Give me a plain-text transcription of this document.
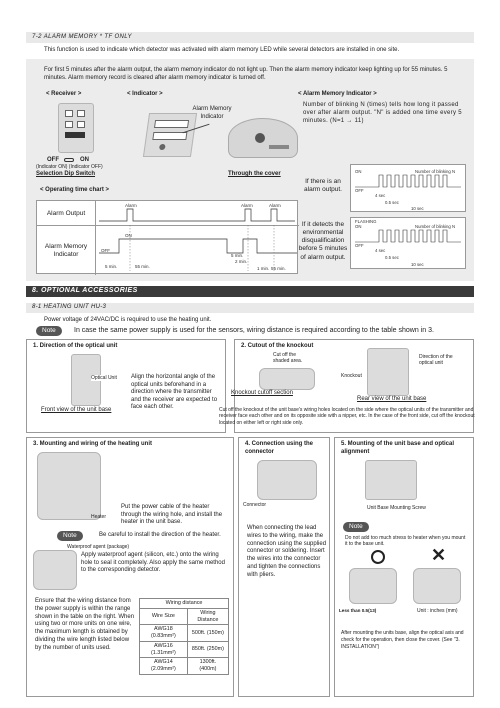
7-2 ALARM MEMORY * TF ONLY
This function is used to indicate which detector was activated with alarm memory LED while several detectors are installed in one site.
For first 5 minutes after the alarm output, the alarm memory indicator do not light up. Then the alarm memory indicator keep lighting up for 55 minutes. 5 minutes. Alarm memory record is cleared after alarm memory indicator is turned off.
< Receiver >	< Indicator >	< Alarm Memory Indicator >
OFF	ON
(Indicator ON) (Indicator OFF)
Selection Dip Switch
Alarm Memory Indicator
Through the cover
Number of blinking N (times) tells how long it passed over after alarm output. "N" is added one time every 5 minutes. (N=1 → 11)
< Operating time chart >
Alarm Output
Alarm Memory Indicator
Alarm	Alarm	Alarm
ON
OFF
5 min.	55 min.
5 min.
2 min.
1 min. 55 min.
If there is an alarm output.
ON
OFF
Number of blinking N
4 sec
0.5 sec
10 sec
If it detects the environmental disqualification before 5 minutes of alarm output.
FLASHING
ON
OFF
Number of blinking N
4 sec
0.5 sec
10 sec
8. OPTIONAL ACCESSORIES
8-1 HEATING UNIT HU-3
Power voltage of 24VAC/DC is required to use the heating unit.
Note	In case the same power supply is used for the sensors, wiring distance is required according to the table shown in 3.
1. Direction of the optical unit
Optical Unit Align the horizontal angle of the optical units beforehand in a direction where the transmitter and the receiver are expected to face each other.
Front view of the unit base
2. Cutout of the knockout
Cut off the shaded area.
Knockout cutoff section
Knockout
Direction of the optical unit
Rear view of the unit base
Cut off the knockout of the unit base's wiring holes located on the side where the optical units of the transmitter and receiver face each other and on its opposite side with a nipper, etc. In the case of the front side, cut off the knockout located on either left or right side only.
3. Mounting and wiring of the heating unit
Heater
Put the power cable of the heater through the wiring hole, and install the heater in the unit base.
Note	Be careful to install the direction of the heater.
Waterproof agent (package)
Apply waterproof agent (silicon, etc.) onto the wiring hole to seal it completely. Also apply the same method to the corresponding detector.
Ensure that the wiring distance from the power supply is within the range shown in the table on the right. When using two or more units on one wire, the maximum length is obtained by dividing the wire length listed below by the number of units used.
Wiring distance	
Wire Size	Wiring Distance
AWG18 (0.83mm²)	500ft. (150m)
AWG16 (1.31mm²)	850ft. (250m)
AWG14 (2.09mm²)	1300ft. (400m)
4. Connection using the connector
Connector
When connecting the lead wires to the wiring, make the connection using the supplied connector or soldering. Insert the wires into the connector and tighten the connections with pliers.
5. Mounting of the unit base and optical alignment
Unit Base Mounting Screw
Note
Do not add too much stress to heater when you mount it to the base unit.
✕
Less than 0.5(13)	Unit : inches (mm)
After mounting the units base, align the optical axis and check for the operation, then close the cover. (See "3. INSTALLATION")
